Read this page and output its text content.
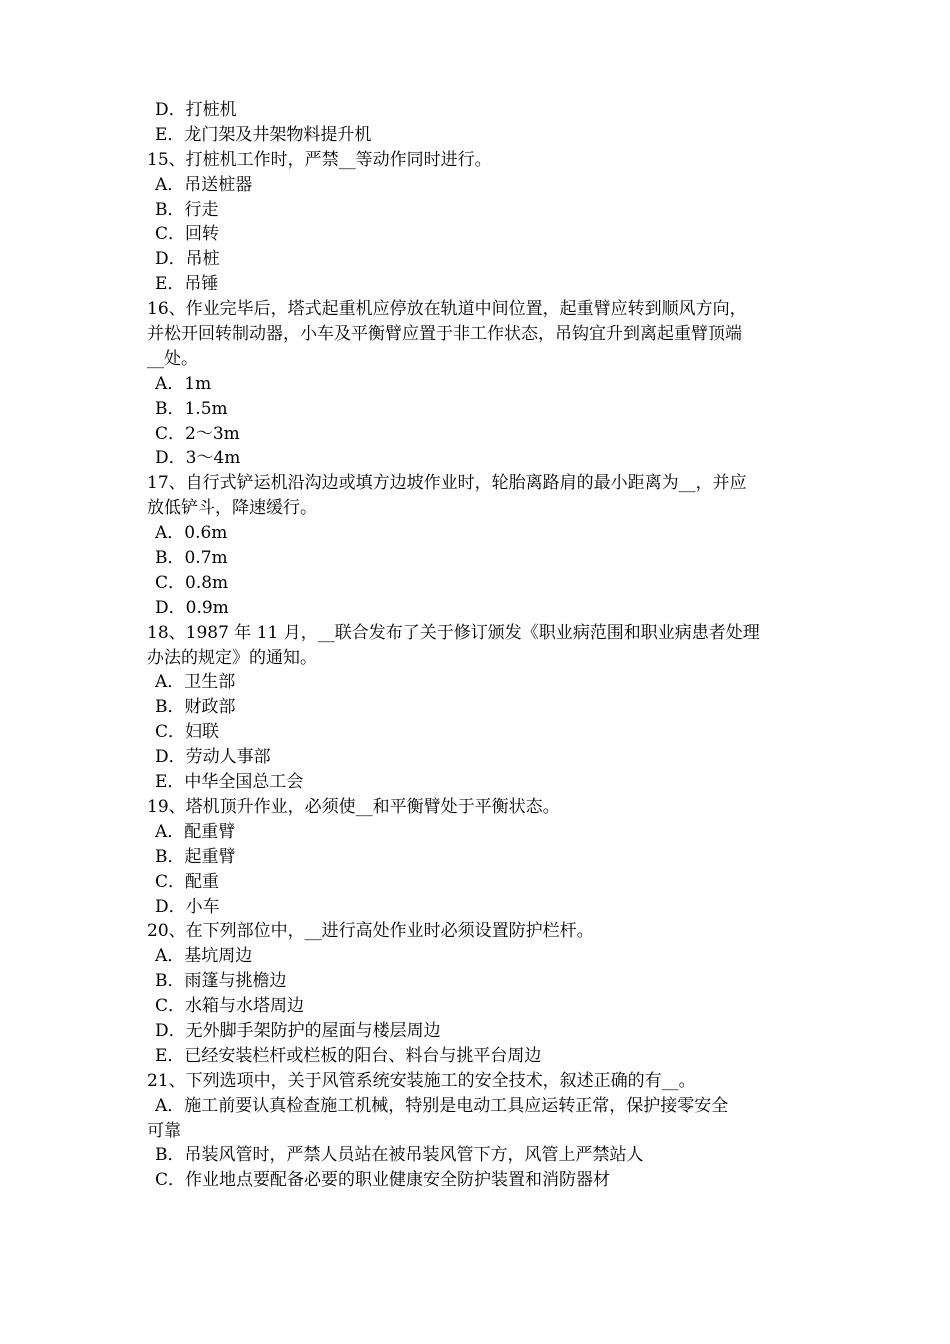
D．打桩机
E．龙门架及井架物料提升机
15、打桩机工作时，严禁__等动作同时进行。
A．吊送桩器
B．行走
C．回转
D．吊桩
E．吊锤
16、作业完毕后，塔式起重机应停放在轨道中间位置，起重臂应转到顺风方向，
并松开回转制动器，小车及平衡臂应置于非工作状态，吊钩宜升到离起重臂顶端
__处。
A．1m
B．1.5m
C．2～3m
D．3～4m
17、自行式铲运机沿沟边或填方边坡作业时，轮胎离路肩的最小距离为__，并应
放低铲斗，降速缓行。
A．0.6m
B．0.7m
C．0.8m
D．0.9m
18、1987 年 11 月，__联合发布了关于修订颁发《职业病范围和职业病患者处理
办法的规定》的通知。
A．卫生部
B．财政部
C．妇联
D．劳动人事部
E．中华全国总工会
19、塔机顶升作业，必须使__和平衡臂处于平衡状态。
A．配重臂
B．起重臂
C．配重
D．小车
20、在下列部位中，__进行高处作业时必须设置防护栏杆。
A．基坑周边
B．雨篷与挑檐边
C．水箱与水塔周边
D．无外脚手架防护的屋面与楼层周边
E．已经安装栏杆或栏板的阳台、料台与挑平台周边
21、下列选项中，关于风管系统安装施工的安全技术，叙述正确的有__。
A．施工前要认真检查施工机械，特别是电动工具应运转正常，保护接零安全
可靠
B．吊装风管时，严禁人员站在被吊装风管下方，风管上严禁站人
C．作业地点要配备必要的职业健康安全防护装置和消防器材
